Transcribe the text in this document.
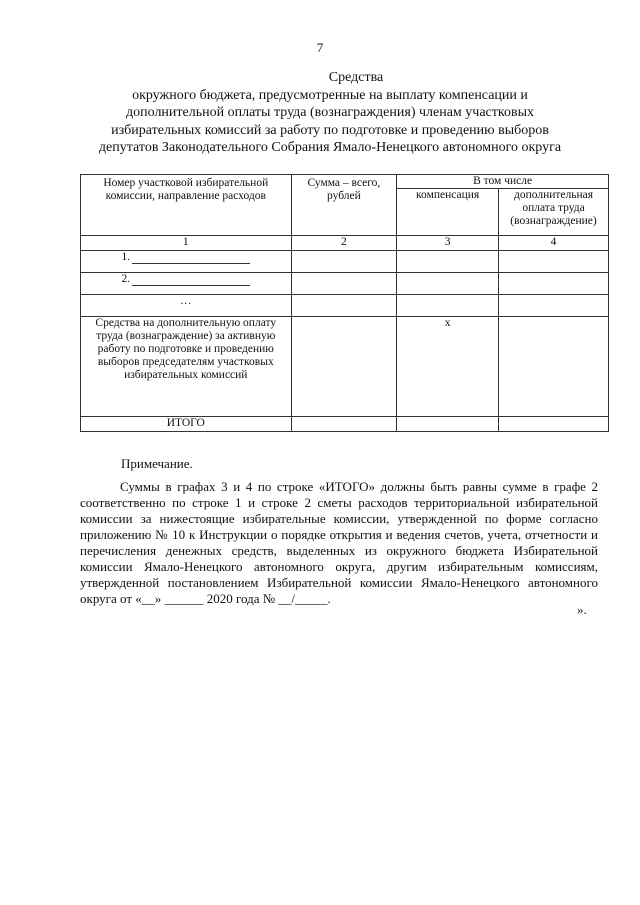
7
Средства
окружного бюджета, предусмотренные на выплату компенсации и
дополнительной оплаты труда (вознаграждения) членам участковых
избирательных комиссий за работу по подготовке и проведению выборов
депутатов Законодательного Собрания Ямало-Ненецкого автономного округа
Номер участковой избирательной комиссии, направление расходов	Сумма – всего, рублей	В том числе	
		компенсация	дополнительная оплата труда (вознаграждение)
1	2	3	4
1.			
2.			
…			
Средства на дополнительную оплату труда (вознаграждение) за активную работу по подготовке и проведению выборов председателям участковых избирательных комиссий		х	
ИТОГО			
Примечание.
Суммы в графах 3 и 4 по строке «ИТОГО» должны быть равны сумме в графе 2 соответственно по строке 1 и строке 2 сметы расходов территориальной избирательной комиссии за нижестоящие избирательные комиссии, утвержденной по форме согласно приложению № 10 к Инструкции о порядке открытия и ведения счетов, учета, отчетности и перечисления денежных средств, выделенных из окружного бюджета Избирательной комиссии Ямало-Ненецкого автономного округа, другим избирательным комиссиям, утвержденной постановлением Избирательной комиссии Ямало-Ненецкого автономного округа от «__» ______ 2020 года № __/_____.
».
